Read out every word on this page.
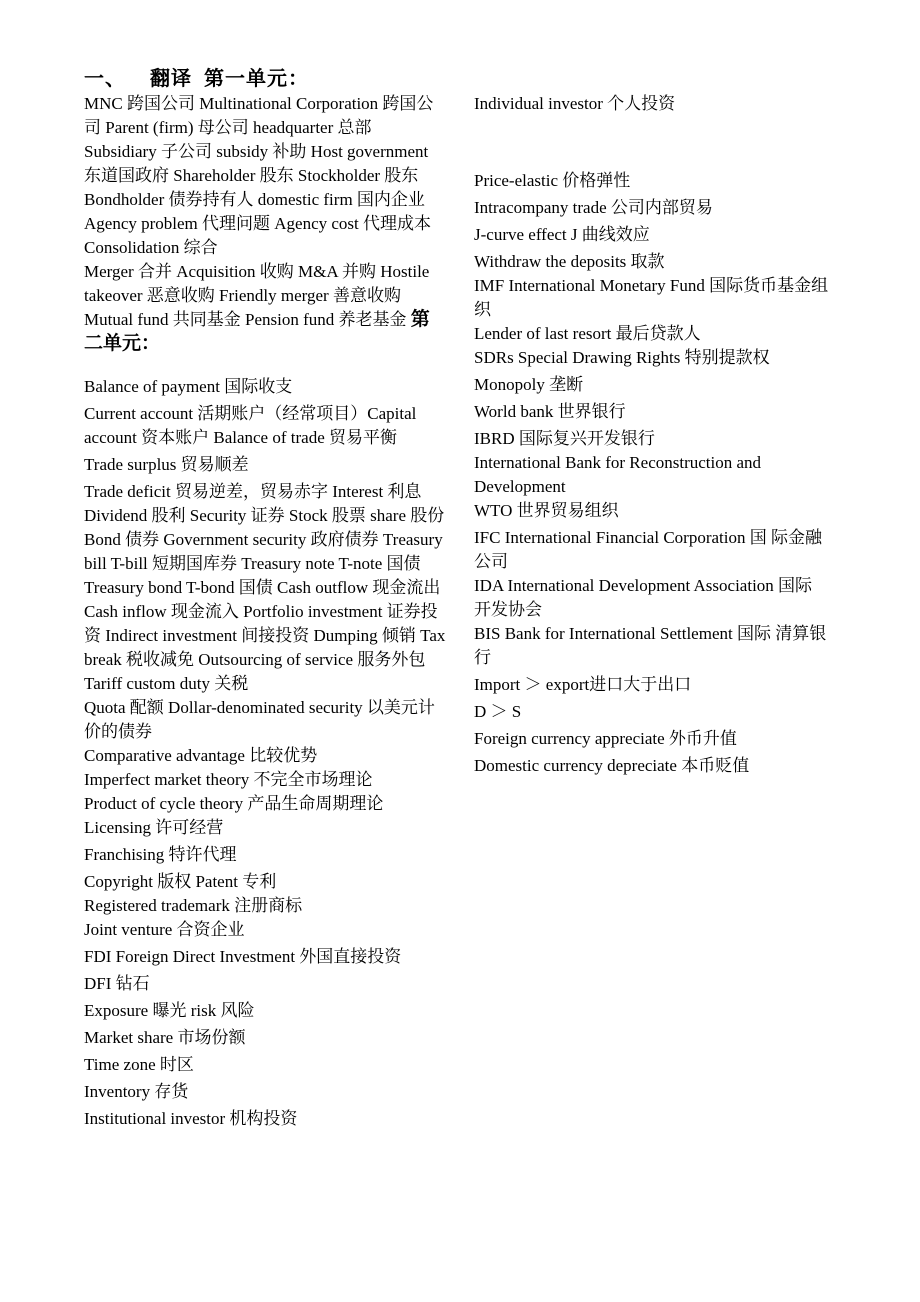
一、    翻译  第一单元：

MNC 跨国公司 Multinational Corporation 跨国公司 Parent (firm) 母公司 headquarter 总部 Subsidiary 子公司 subsidy 补助 Host government 东道国政府 Shareholder 股东 Stockholder 股东 Bondholder 债券持有人 domestic firm 国内企业 Agency problem 代理问题 Agency cost 代理成本 Consolidation 综合

Merger 合并 Acquisition 收购 M&A 并购 Hostile takeover 恶意收购 Friendly merger 善意收购 Mutual fund 共同基金 Pension fund 养老基金 第二单元：

Balance of payment 国际收支

Current account 活期账户（经常项目）Capital account 资本账户 Balance of trade 贸易平衡

Trade surplus 贸易顺差

Trade deficit 贸易逆差，贸易赤字 Interest 利息 Dividend 股利 Security 证券 Stock 股票 share 股份 Bond 债券 Government security 政府债券 Treasury bill T-bill 短期国库券 Treasury note T-note 国债 Treasury bond T-bond 国债 Cash outflow 现金流出 Cash inflow 现金流入 Portfolio investment 证券投资 Indirect investment 间接投资 Dumping 倾销 Tax break 税收减免 Outsourcing of service 服务外包 Tariff custom duty 关税

Quota 配额 Dollar-denominated security 以美元计价的债券

Comparative advantage 比较优势

Imperfect market theory 不完全市场理论

Product of cycle theory 产品生命周期理论

Licensing 许可经营

Franchising 特许代理

Copyright 版权 Patent 专利

Registered trademark 注册商标

Joint venture 合资企业

FDI Foreign Direct Investment 外国直接投资

DFI 钻石

Exposure 曝光 risk 风险

Market share 市场份额

Time zone 时区

Inventory 存货

Institutional investor 机构投资

Individual investor 个人投资

Price-elastic 价格弹性

Intracompany trade 公司内部贸易

J-curve effect J 曲线效应

Withdraw the deposits 取款

IMF International Monetary Fund 国际货币基金组织

Lender of last resort 最后贷款人

SDRs Special Drawing Rights 特别提款权

Monopoly 垄断

World bank 世界银行

IBRD 国际复兴开发银行

International Bank for Reconstruction and Development

WTO 世界贸易组织

IFC International Financial Corporation 国 际金融公司

IDA International Development Association 国际开发协会

BIS Bank for International Settlement 国际 清算银行

Import ＞ export进口大于出口

D ＞ S

Foreign currency appreciate 外币升值

Domestic currency depreciate 本币贬值
